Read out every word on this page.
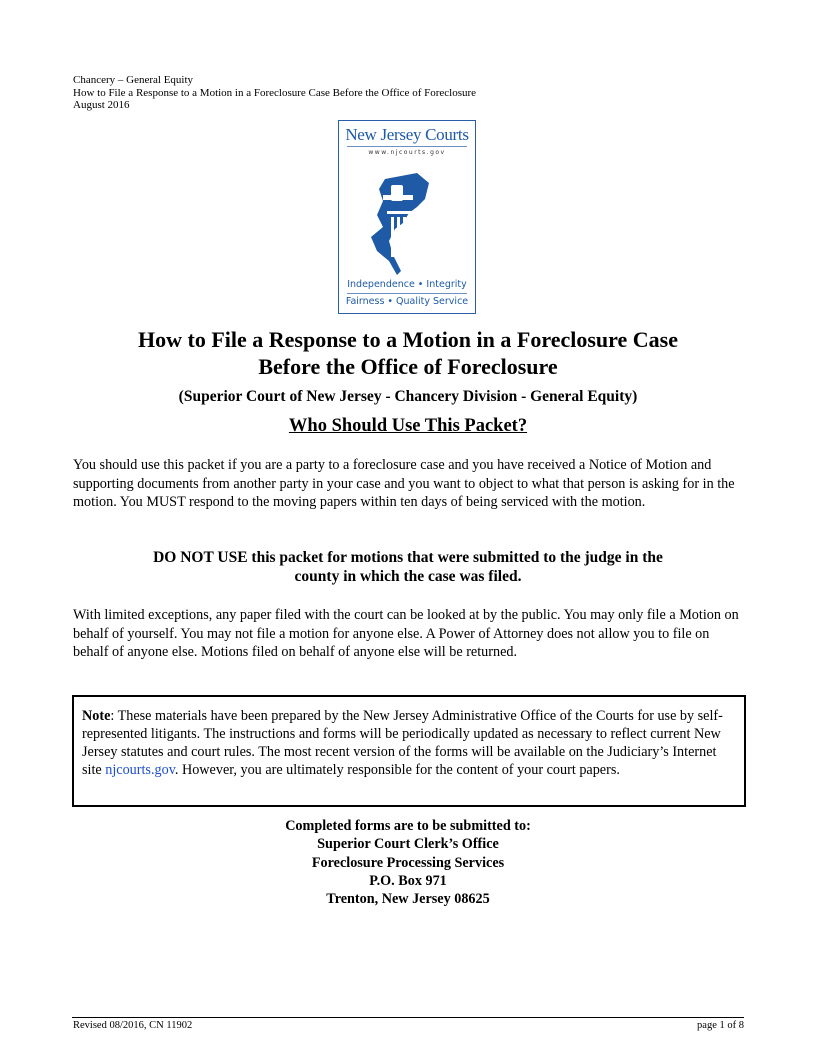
Chancery – General Equity
How to File a Response to a Motion in a Foreclosure Case Before the Office of Foreclosure
August 2016
New Jersey Courts
www.njcourts.gov
Independence • Integrity
Fairness • Quality Service
How to File a Response to a Motion in a Foreclosure Case
Before the Office of Foreclosure
(Superior Court of New Jersey - Chancery Division - General Equity)
Who Should Use This Packet?
You should use this packet if you are a party to a foreclosure case and you have received a Notice of Motion and supporting documents from another party in your case and you want to object to what that person is asking for in the motion. You MUST respond to the moving papers within ten days of being serviced with the motion.
DO NOT USE this packet for motions that were submitted to the judge in the
county in which the case was filed.
With limited exceptions, any paper filed with the court can be looked at by the public. You may only file a Motion on behalf of yourself. You may not file a motion for anyone else. A Power of Attorney does not allow you to file on behalf of anyone else. Motions filed on behalf of anyone else will be returned.
Note: These materials have been prepared by the New Jersey Administrative Office of the Courts for use by self-represented litigants. The instructions and forms will be periodically updated as necessary to reflect current New Jersey statutes and court rules. The most recent version of the forms will be available on the Judiciary’s Internet site njcourts.gov. However, you are ultimately responsible for the content of your court papers.
Completed forms are to be submitted to:
Superior Court Clerk’s Office
Foreclosure Processing Services
P.O. Box 971
Trenton, New Jersey 08625
Revised 08/2016, CN 11902	page 1 of 8
